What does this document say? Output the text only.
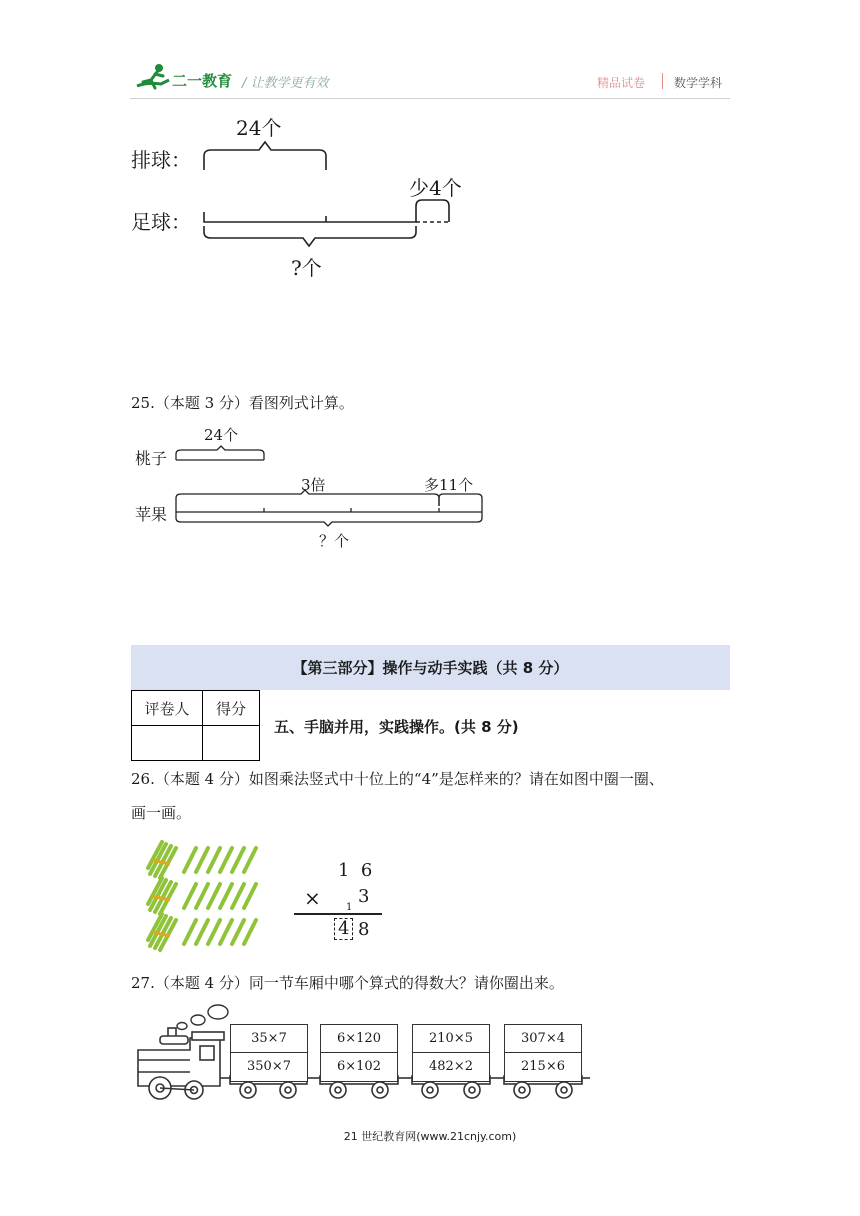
二一教育 / 让教学更有效	精品试卷 数学学科
24个
排球：
足球：
少4个
?个
25.（本题 3 分）看图列式计算。
24个
桃子
3倍	多11个
苹果
？个
【第三部分】操作与动手实践（共 8 分）
评卷人	得分

五、手脑并用，实践操作。(共 8 分)
26.（本题 4 分）如图乘法竖式中十位上的“4”是怎样来的？请在如图中圈一圈、
画一画。
1  6
×	1
3
4 8
27.（本题 4 分）同一节车厢中哪个算式的得数大？请你圈出来。
35×7
350×7
6×120
6×102
210×5
482×2
307×4
215×6
21 世纪教育网(www.21cnjy.com)
